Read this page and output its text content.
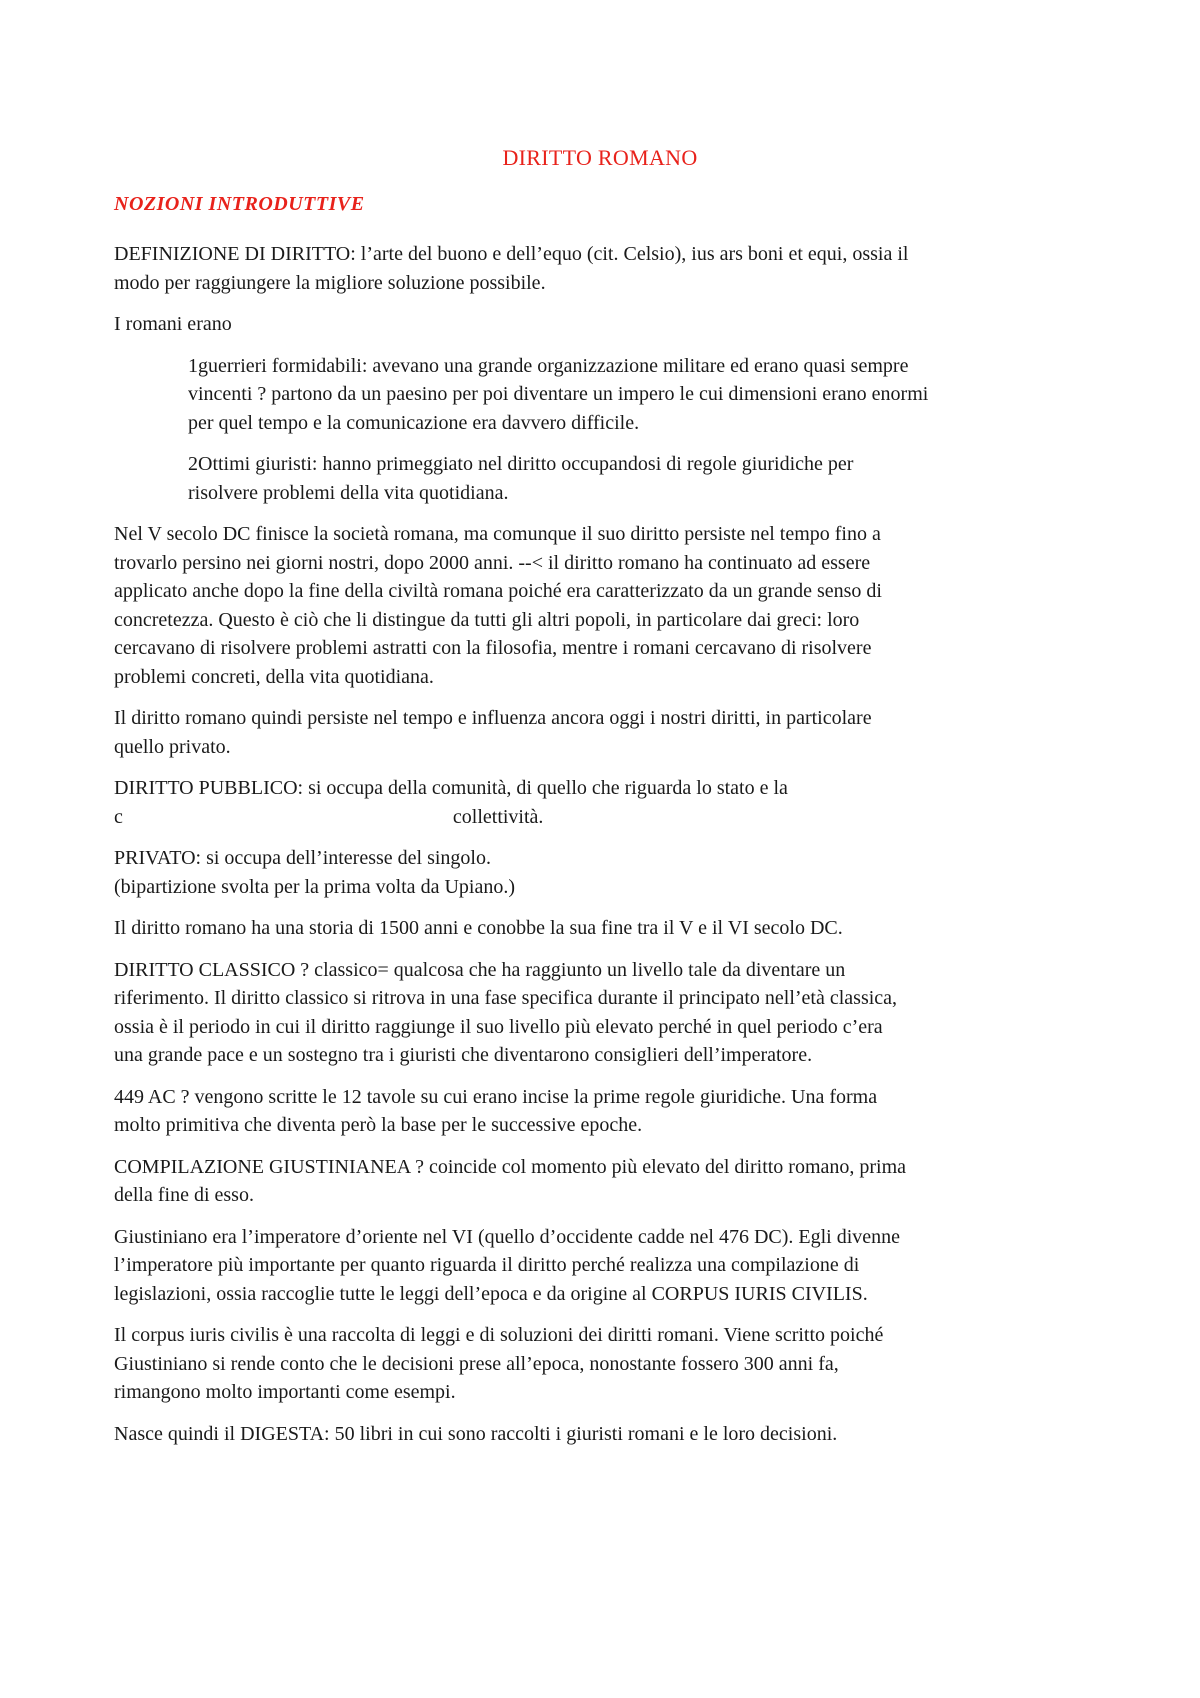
DIRITTO ROMANO
NOZIONI INTRODUTTIVE

DEFINIZIONE DI DIRITTO: l’arte del buono e dell’equo (cit. Celsio), ius ars boni et equi, ossia il
modo per raggiungere la migliore soluzione possibile.

I romani erano

1guerrieri formidabili: avevano una grande organizzazione militare ed erano quasi sempre
vincenti ? partono da un paesino per poi diventare un impero le cui dimensioni erano enormi
per quel tempo e la comunicazione era davvero difficile.

2Ottimi giuristi: hanno primeggiato nel diritto occupandosi di regole giuridiche per
risolvere problemi della vita quotidiana.

Nel V secolo DC finisce la società romana, ma comunque il suo diritto persiste nel tempo fino a
trovarlo persino nei giorni nostri, dopo 2000 anni. --< il diritto romano ha continuato ad essere
applicato anche dopo la fine della civiltà romana poiché era caratterizzato da un grande senso di
concretezza. Questo è ciò che li distingue da tutti gli altri popoli, in particolare dai greci: loro
cercavano di risolvere problemi astratti con la filosofia, mentre i romani cercavano di risolvere
problemi concreti, della vita quotidiana.

Il diritto romano quindi persiste nel tempo e influenza ancora oggi i nostri diritti, in particolare
quello privato.

DIRITTO PUBBLICO: si occupa della comunità, di quello che riguarda lo stato e la
c	collettività.

PRIVATO: si occupa dell’interesse del singolo.
(bipartizione svolta per la prima volta da Upiano.)

Il diritto romano ha una storia di 1500 anni e conobbe la sua fine tra il V e il VI secolo DC.

DIRITTO CLASSICO ? classico= qualcosa che ha raggiunto un livello tale da diventare un
riferimento. Il diritto classico si ritrova in una fase specifica durante il principato nell’età classica,
ossia è il periodo in cui il diritto raggiunge il suo livello più elevato perché in quel periodo c’era
una grande pace e un sostegno tra i giuristi che diventarono consiglieri dell’imperatore.

449 AC ? vengono scritte le 12 tavole su cui erano incise la prime regole giuridiche. Una forma
molto primitiva che diventa però la base per le successive epoche.

COMPILAZIONE GIUSTINIANEA ? coincide col momento più elevato del diritto romano, prima
della fine di esso.

Giustiniano era l’imperatore d’oriente nel VI (quello d’occidente cadde nel 476 DC). Egli divenne
l’imperatore più importante per quanto riguarda il diritto perché realizza una compilazione di
legislazioni, ossia raccoglie tutte le leggi dell’epoca e da origine al CORPUS IURIS CIVILIS.

Il corpus iuris civilis è una raccolta di leggi e di soluzioni dei diritti romani. Viene scritto poiché
Giustiniano si rende conto che le decisioni prese all’epoca, nonostante fossero 300 anni fa,
rimangono molto importanti come esempi.

Nasce quindi il DIGESTA: 50 libri in cui sono raccolti i giuristi romani e le loro decisioni.
